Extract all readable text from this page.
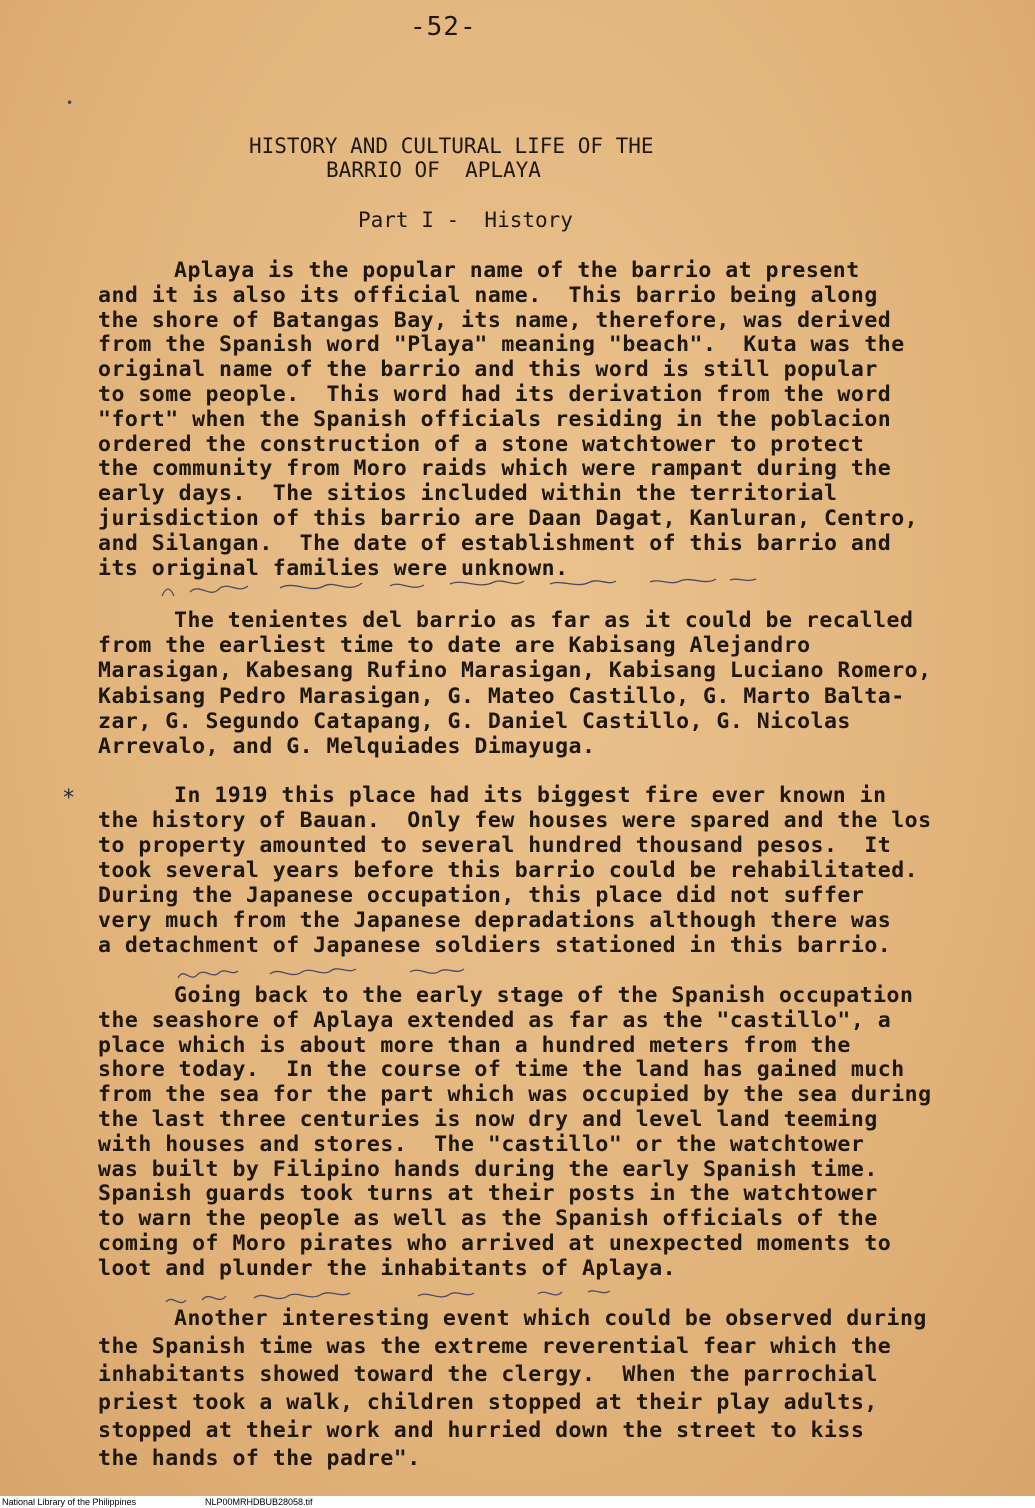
•
-52-
HISTORY AND CULTURAL LIFE OF THE
BARRIO OF  APLAYA
Part I -  History
*
Aplaya is the popular name of the barrio at present
and it is also its official name.  This barrio being along
the shore of Batangas Bay, its name, therefore, was derived
from the Spanish word "Playa" meaning "beach".  Kuta was the
original name of the barrio and this word is still popular
to some people.  This word had its derivation from the word
"fort" when the Spanish officials residing in the poblacion
ordered the construction of a stone watchtower to protect
the community from Moro raids which were rampant during the
early days.  The sitios included within the territorial
jurisdiction of this barrio are Daan Dagat, Kanluran, Centro,
and Silangan.  The date of establishment of this barrio and
its original families were unknown.
The tenientes del barrio as far as it could be recalled
from the earliest time to date are Kabisang Alejandro
Marasigan, Kabesang Rufino Marasigan, Kabisang Luciano Romero,
Kabisang Pedro Marasigan, G. Mateo Castillo, G. Marto Balta-
zar, G. Segundo Catapang, G. Daniel Castillo, G. Nicolas
Arrevalo, and G. Melquiades Dimayuga.
In 1919 this place had its biggest fire ever known in
the history of Bauan.  Only few houses were spared and the los
to property amounted to several hundred thousand pesos.  It
took several years before this barrio could be rehabilitated.
During the Japanese occupation, this place did not suffer
very much from the Japanese depradations although there was
a detachment of Japanese soldiers stationed in this barrio.
Going back to the early stage of the Spanish occupation
the seashore of Aplaya extended as far as the "castillo", a
place which is about more than a hundred meters from the
shore today.  In the course of time the land has gained much
from the sea for the part which was occupied by the sea during
the last three centuries is now dry and level land teeming
with houses and stores.  The "castillo" or the watchtower
was built by Filipino hands during the early Spanish time.
Spanish guards took turns at their posts in the watchtower
to warn the people as well as the Spanish officials of the
coming of Moro pirates who arrived at unexpected moments to
loot and plunder the inhabitants of Aplaya.
Another interesting event which could be observed during
the Spanish time was the extreme reverential fear which the
inhabitants showed toward the clergy.  When the parrochial
priest took a walk, children stopped at their play adults,
stopped at their work and hurried down the street to kiss
the hands of the padre".
National Library of the Philippines	NLP00MRHDBUB28058.tif
